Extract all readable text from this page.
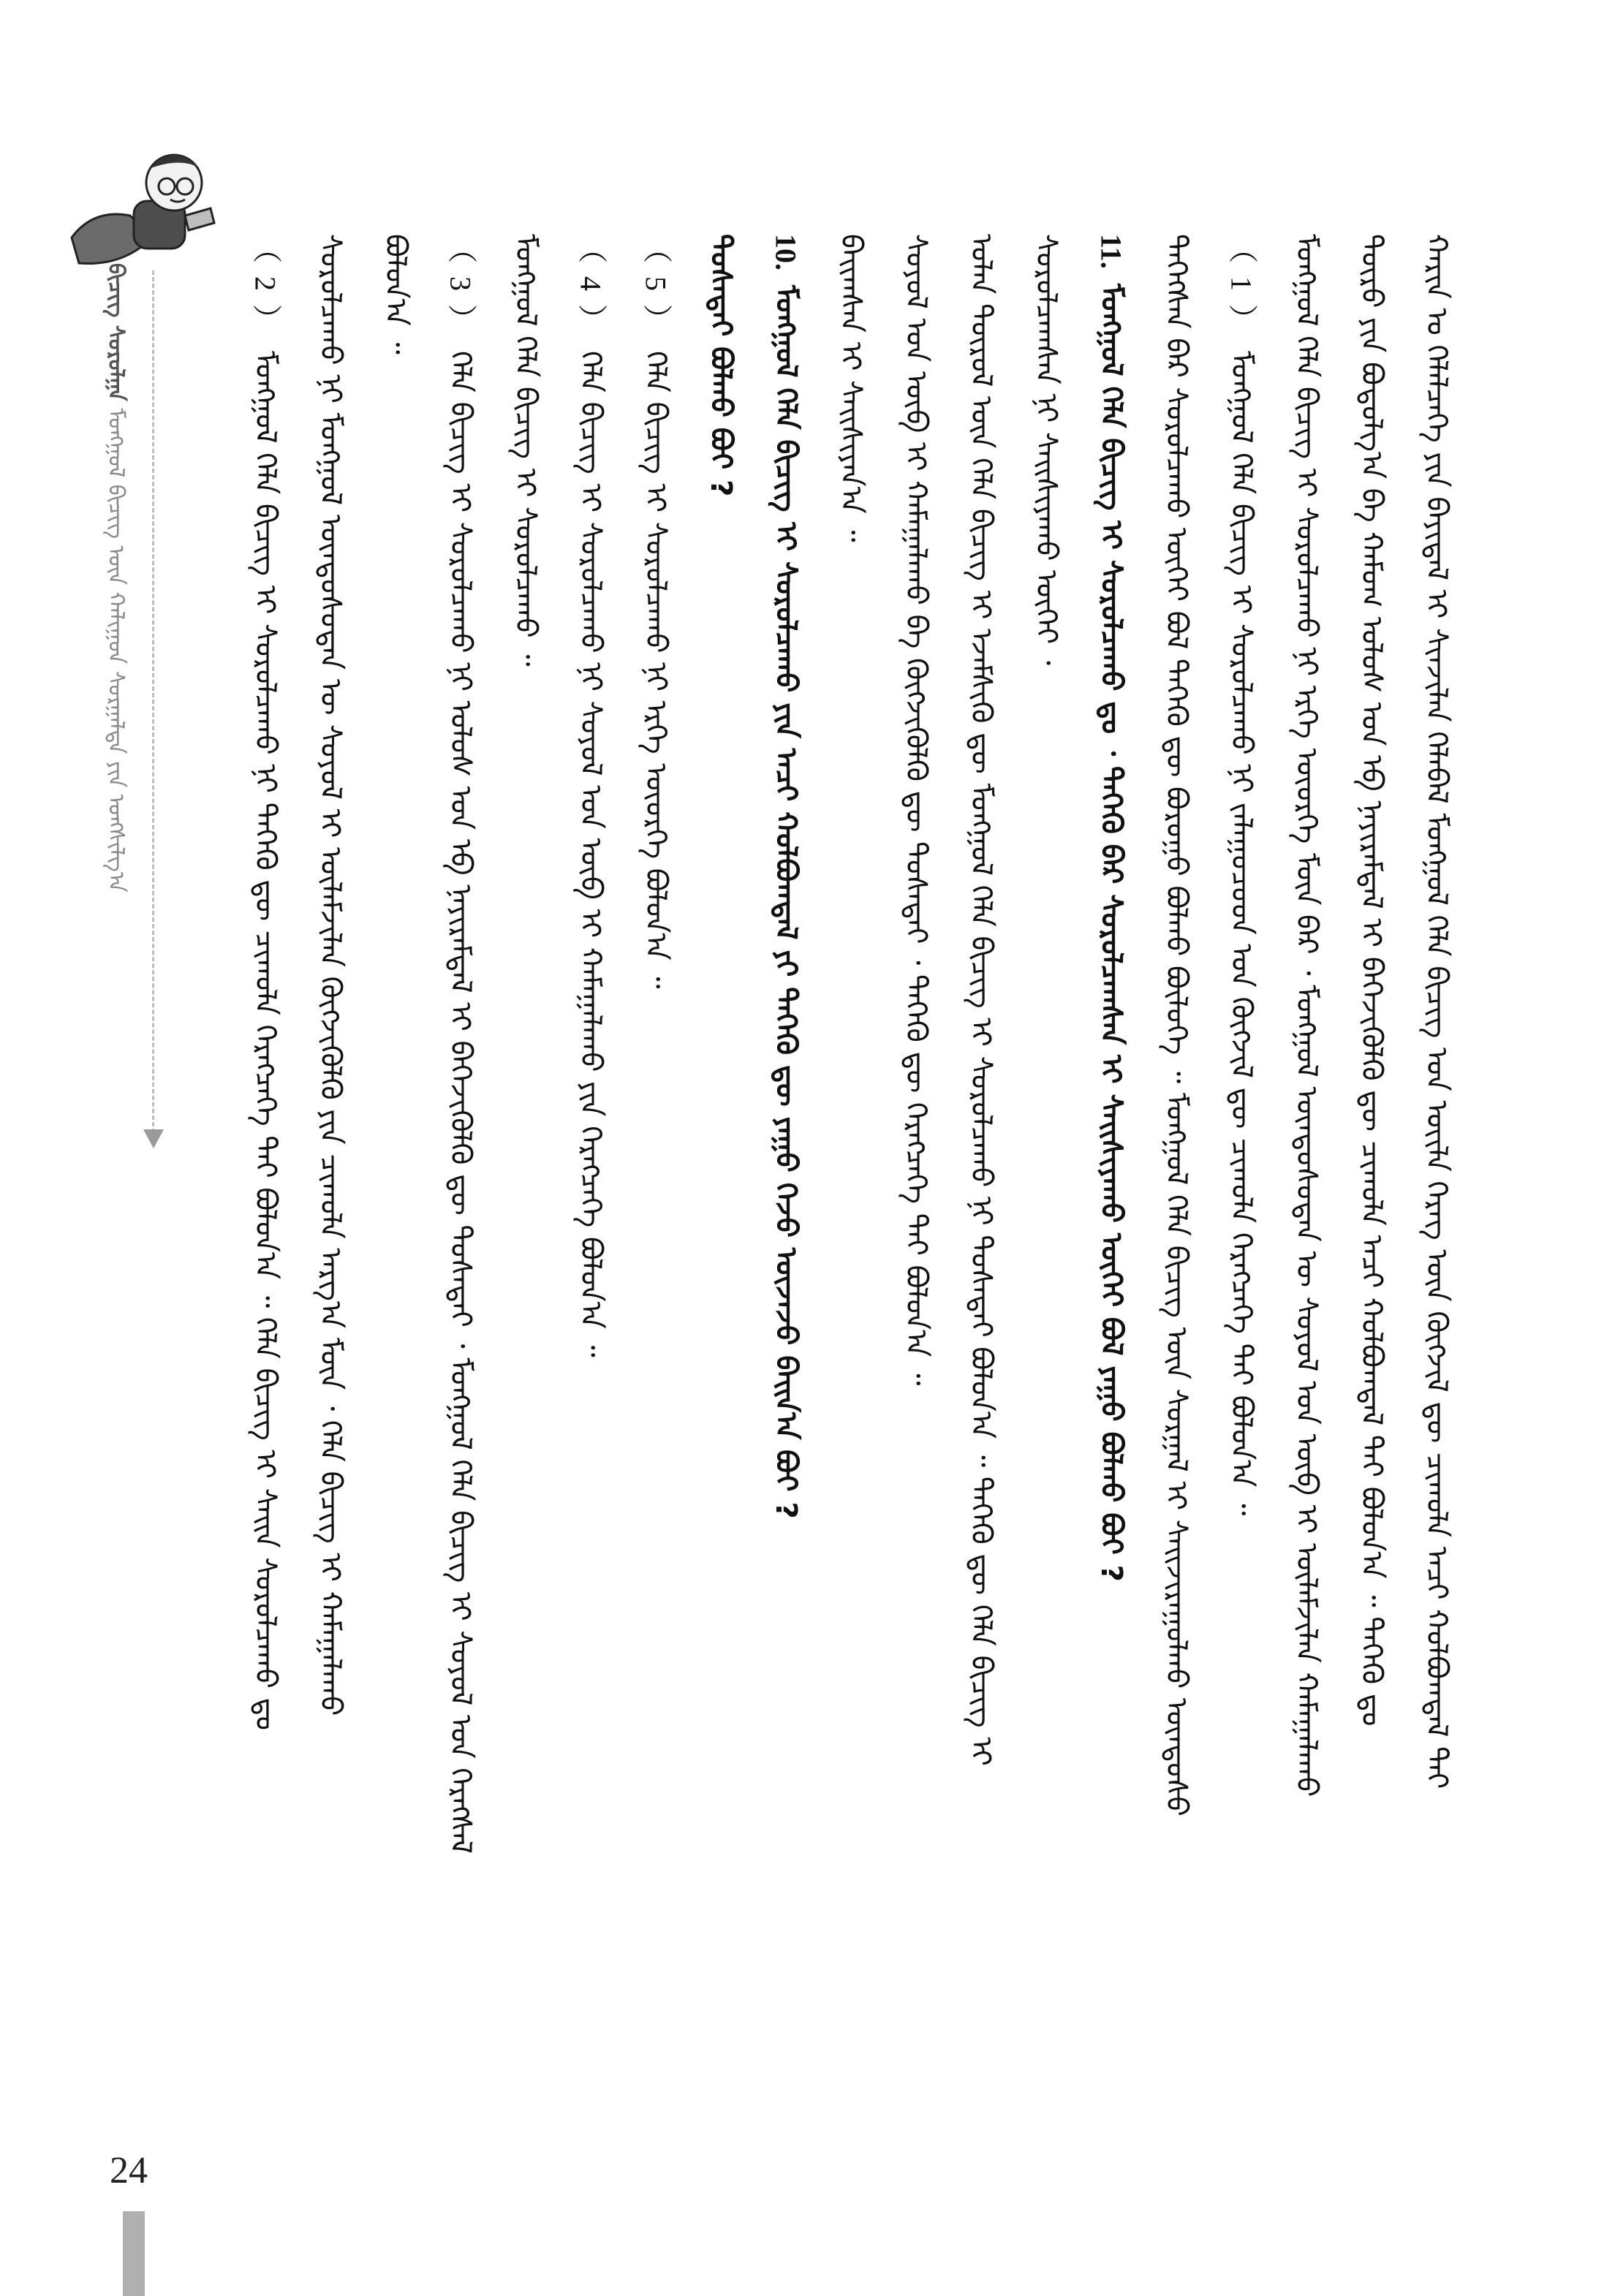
ᠪᠢᠴᠢᠭ ᠰᠤᠷᠤᠯᠭᠠ ᠮᠣᠩᠭᠣᠯ ᠪᠢᠴᠢᠭ ᠦᠨ ᠬᠠᠯᠢᠭᠤᠨ ᠰᠤᠷᠭᠠᠯᠲᠠ ᠶᠢᠨ ᠤᠩᠱᠢᠯᠭ᠎ᠠ	ᠬᠠᠷᠢᠨ ᠤ ᠬᠡᠯᠡᠯᠴᠡᠭᠡ ᠶᠢᠨ ᠪᠠᠶᠢᠳᠠᠯ ᠢ ᠰᠢᠨᠵᠢᠯᠡᠨ ᠬᠡᠯᠡᠪᠡᠯ ᠮᠣᠩᠭᠣᠯ ᠬᠡᠯᠡ ᠪᠢᠴᠢᠭ ᠤᠨ ᠦᠢᠯᠡ ᠬᠡᠷᠡᠭ ᠦᠨ ᠬᠥᠭᠵᠢᠯ ᠳᠦ ᠴᠢᠬᠤᠯᠠ ᠠᠴᠢ ᠬᠣᠯᠪᠣᠭᠳᠠᠯ ᠲᠠᠢ
ᠲᠥᠷᠥ ᠶᠢᠨ ᠪᠣᠳᠣᠯᠭ᠎ᠠ ᠪᠠ ᠬᠠᠮᠤᠭ ᠤᠯᠤᠰ ᠤᠨ ᠡᠪ ᠨᠠᠶᠢᠷᠠᠮᠳᠠᠯ ᠢ ᠪᠡᠬᠡᠵᠢᠭᠦᠯᠬᠦ ᠳᠦ ᠴᠢᠬᠤᠯᠠ ᠠᠴᠢ ᠬᠣᠯᠪᠣᠭᠳᠠᠯ ᠲᠠᠢ ᠪᠣᠯᠤᠨ᠎ᠠ ᠃ ᠲᠡᠭᠡᠬᠦ ᠳᠤ
ᠮᠣᠩᠭᠣᠯ ᠬᠡᠯᠡ ᠪᠢᠴᠢᠭ ᠢ ᠰᠤᠷᠤᠯᠴᠠᠬᠤ ᠨᠢ ᠡᠷᠬᠡ ᠦᠦᠷᠭᠡ ᠮᠥᠨ ᠪᠡᠷ ᠂ ᠮᠣᠩᠭᠣᠯ ᠦᠨᠳᠦᠰᠦᠲᠡᠨ ᠦ ᠰᠣᠶᠣᠯ ᠤᠨ ᠥᠪ ᠢ ᠦᠯᠡᠮᠵᠢᠯᠡᠨ ᠬᠠᠮᠠᠭᠠᠯᠠᠬᠤ
（ 1 ）
ᠮᠣᠩᠭᠣᠯ ᠬᠡᠯᠡ ᠪᠢᠴᠢᠭ ᠢ ᠰᠤᠷᠤᠯᠴᠠᠬᠤ ᠨᠢ ᠵᠠᠯᠠᠭᠤᠴᠤᠳ ᠤᠨ ᠬᠥᠭᠵᠢᠯ ᠳᠦ ᠴᠢᠬᠤᠯᠠ ᠬᠡᠷᠡᠭᠴᠡᠭᠡ ᠲᠠᠢ ᠪᠣᠯᠤᠨ᠎ᠠ ᠃
ᠲᠡᠭᠡᠭᠰᠡᠨ ᠪᠡᠷ ᠰᠤᠷᠤᠯᠴᠠᠬᠤ ᠦᠭᠡᠢ ᠪᠣᠯ ᠲᠡᠭᠡᠬᠦ ᠳᠦ ᠪᠤᠷᠤᠭᠤ ᠪᠣᠯᠬᠤ ᠪᠦᠯᠦᠭᠡ ᠃ ᠮᠣᠩᠭᠣᠯ ᠬᠡᠯᠡ ᠪᠢᠴᠢᠭ ᠦᠨ ᠰᠤᠷᠭᠠᠯ ᠢ ᠰᠠᠢᠵᠢᠷᠠᠭᠤᠯᠬᠤ ᠦᠨᠳᠦᠰᠦ
11.
ᠮᠣᠩᠭᠣᠯ ᠬᠡᠯᠡ ᠪᠢᠴᠢᠭ ᠢ ᠰᠤᠷᠤᠯᠴᠠᠬᠤ ᠳᠤ ᠂ ᠲᠡᠭᠡᠬᠦ ᠪᠡᠷ ᠰᠤᠷᠤᠯᠴᠠᠭᠰᠠᠨ ᠢ ᠰᠠᠢᠰᠢᠶᠠᠬᠤ ᠦᠭᠡᠢ ᠪᠣᠯ ᠶᠠᠭᠤ ᠪᠣᠯᠬᠤ ᠪᠤᠢ ?
ᠰᠤᠷᠤᠯᠴᠠᠭᠰᠠᠨ ᠨᠢ ᠰᠠᠢᠰᠢᠶᠠᠬᠤ ᠦᠭᠡᠢ ᠂
ᠣᠯᠠᠨ ᠲᠥᠷᠥᠯ ᠦᠨ ᠬᠡᠯᠡ ᠪᠢᠴᠢᠭ ᠢ ᠡᠵᠡᠮᠰᠢᠬᠦ ᠳᠦ ᠮᠣᠩᠭᠣᠯ ᠬᠡᠯᠡ ᠪᠢᠴᠢᠭ ᠢ ᠰᠤᠷᠤᠯᠴᠠᠬᠤ ᠨᠢ ᠲᠤᠰᠠᠲᠠᠢ ᠪᠣᠯᠤᠨ᠎ᠠ ᠃ ᠲᠡᠭᠡᠬᠦ ᠳᠦ ᠬᠡᠯᠡ ᠪᠢᠴᠢᠭ ᠢ
ᠰᠣᠶᠣᠯ ᠤᠨ ᠥᠪ ᠢ ᠬᠠᠮᠠᠭᠠᠯᠠᠬᠤ ᠪᠠ ᠬᠥᠭᠵᠢᠭᠦᠯᠬᠦ ᠳᠦ ᠲᠤᠰᠠᠲᠠᠢ ᠂ ᠲᠡᠭᠡᠬᠦ ᠳᠦ ᠬᠡᠷᠡᠭᠴᠡᠭᠡ ᠲᠠᠢ ᠪᠣᠯᠤᠨ᠎ᠠ ᠃
ᠪᠠᠢᠭᠰᠠᠨ ᠢ ᠰᠠᠢᠰᠢᠶᠠᠨ᠎ᠠ ᠃
10.
ᠮᠣᠩᠭᠣᠯ ᠬᠡᠯᠡ ᠪᠢᠴᠢᠭ ᠢ ᠰᠤᠷᠤᠯᠴᠠᠬᠤ ᠶᠢᠨ ᠠᠴᠢ ᠬᠣᠯᠪᠣᠭᠳᠠᠯ ᠶᠢ ᠲᠡᠭᠡᠬᠦ ᠳᠦ ᠶᠠᠭᠤ ᠭᠡᠵᠦ ᠦᠵᠡᠵᠦ ᠪᠠᠢᠨ᠎ᠠ ᠪᠣᠢ ?
ᠲᠤᠰᠠᠲᠠᠢ ᠪᠣᠯᠬᠤ ᠪᠤᠢ ?
（ 5 ）
ᠬᠡᠯᠡ ᠪᠢᠴᠢᠭ ᠢ ᠰᠤᠷᠤᠯᠴᠠᠬᠤ ᠨᠢ ᠡᠷᠬᠡ ᠦᠦᠷᠭᠡ ᠪᠣᠯᠤᠨ᠎ᠠ ᠃
（ 4 ）
ᠬᠡᠯᠡ ᠪᠢᠴᠢᠭ ᠢ ᠰᠤᠷᠤᠯᠴᠠᠬᠤ ᠨᠢ ᠰᠣᠶᠣᠯ ᠤᠨ ᠥᠪ ᠢ ᠬᠠᠮᠠᠭᠠᠯᠠᠬᠤ ᠶᠢᠨ ᠬᠡᠷᠡᠭᠴᠡᠭᠡ ᠪᠣᠯᠤᠨ᠎ᠠ ᠃
ᠮᠣᠩᠭᠣᠯ ᠬᠡᠯᠡ ᠪᠢᠴᠢᠭ ᠢ ᠰᠤᠷᠤᠯᠴᠠᠬᠤ ᠃
（ 3 ）
ᠬᠡᠯᠡ ᠪᠢᠴᠢᠭ ᠢ ᠰᠤᠷᠤᠯᠴᠠᠬᠤ ᠨᠢ ᠤᠯᠤᠰ ᠤᠨ ᠡᠪ ᠨᠠᠶᠢᠷᠠᠮᠳᠠᠯ ᠢ ᠪᠡᠬᠡᠵᠢᠭᠦᠯᠬᠦ ᠳᠦ ᠲᠤᠰᠠᠲᠠᠢ ᠂ ᠮᠣᠩᠭᠣᠯ ᠬᠡᠯᠡ ᠪᠢᠴᠢᠭ ᠢ ᠰᠣᠶᠣᠯ ᠤᠨ ᠬᠡᠷᠡᠭᠰᠡᠯ
ᠪᠣᠯᠤᠨ᠎ᠠ ᠃
ᠰᠤᠷᠤᠯᠴᠠᠬᠤ ᠨᠢ ᠮᠣᠩᠭᠣᠯ ᠦᠨᠳᠦᠰᠦᠲᠡᠨ ᠦ ᠰᠣᠶᠣᠯ ᠢ ᠦᠯᠡᠮᠵᠢᠯᠡᠨ ᠬᠥᠭᠵᠢᠭᠦᠯᠬᠦ ᠶᠢᠨ ᠴᠢᠬᠤᠯᠠ ᠠᠷᠭ᠎ᠠ ᠮᠥᠨ ᠂ ᠬᠡᠯᠡ ᠪᠢᠴᠢᠭ ᠢ ᠬᠠᠮᠠᠭᠠᠯᠠᠬᠤ
（ 2 ）
ᠮᠣᠩᠭᠣᠯ ᠬᠡᠯᠡ ᠪᠢᠴᠢᠭ ᠢ ᠰᠤᠷᠤᠯᠴᠠᠬᠤ ᠨᠢ ᠲᠡᠭᠡᠬᠦ ᠳᠦ ᠴᠢᠬᠤᠯᠠ ᠬᠡᠷᠡᠭᠴᠡᠭᠡ ᠲᠠᠢ ᠪᠣᠯᠤᠨ᠎ᠠ ᠃ ᠬᠡᠯᠡ ᠪᠢᠴᠢᠭ ᠢ ᠰᠠᠢᠨ ᠰᠤᠷᠤᠯᠴᠠᠬᠤ ᠳᠤ
24
